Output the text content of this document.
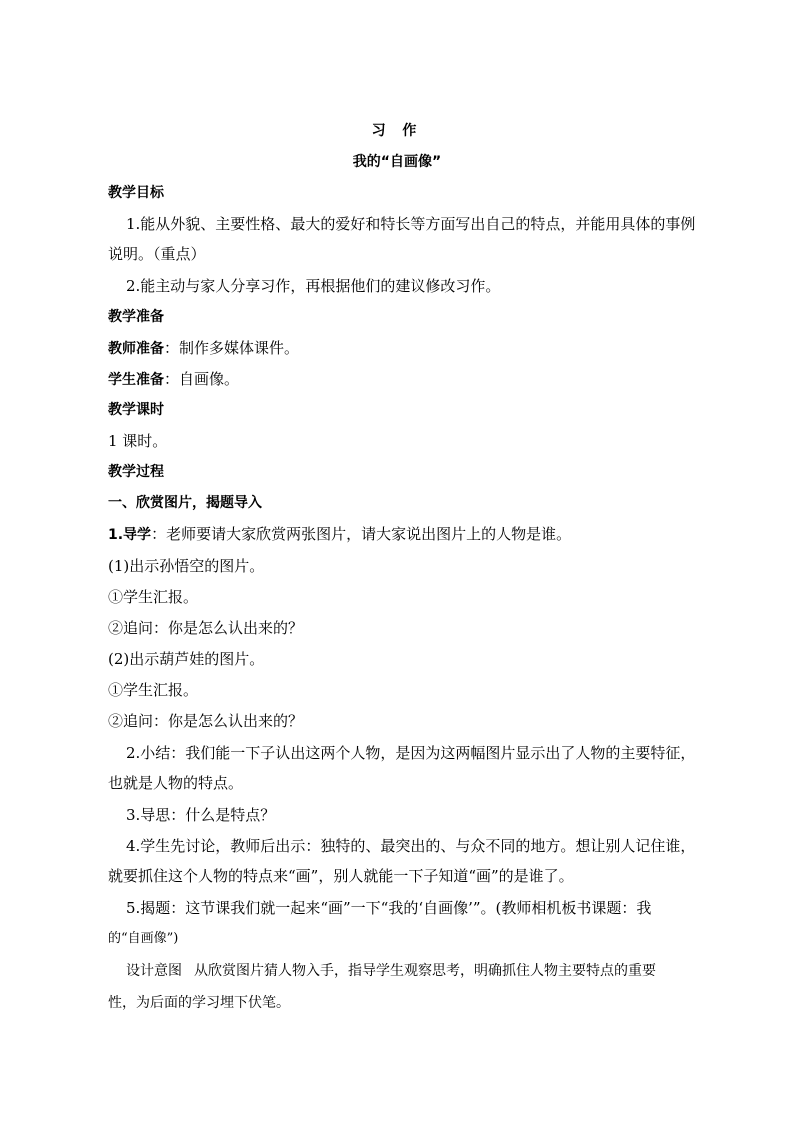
习 作
我的“自画像”
教学目标
1.能从外貌、主要性格、最大的爱好和特长等方面写出自己的特点，并能用具体的事例
说明。（重点）
2.能主动与家人分享习作，再根据他们的建议修改习作。
教学准备
教师准备：制作多媒体课件。
学生准备：自画像。
教学课时
1 课时。
教学过程
一、欣赏图片，揭题导入
1.导学：老师要请大家欣赏两张图片，请大家说出图片上的人物是谁。
(1)出示孙悟空的图片。
①学生汇报。
②追问：你是怎么认出来的？
(2)出示葫芦娃的图片。
①学生汇报。
②追问：你是怎么认出来的？
2.小结：我们能一下子认出这两个人物，是因为这两幅图片显示出了人物的主要特征，
也就是人物的特点。
3.导思：什么是特点？
4.学生先讨论，教师后出示：独特的、最突出的、与众不同的地方。想让别人记住谁，
就要抓住这个人物的特点来“画”，别人就能一下子知道“画”的是谁了。
5.揭题：这节课我们就一起来“画”一下“我的‘自画像’”。(教师相机板书课题：我
的“自画像”)
设计意图 从欣赏图片猜人物入手，指导学生观察思考，明确抓住人物主要特点的重要
性，为后面的学习埋下伏笔。
